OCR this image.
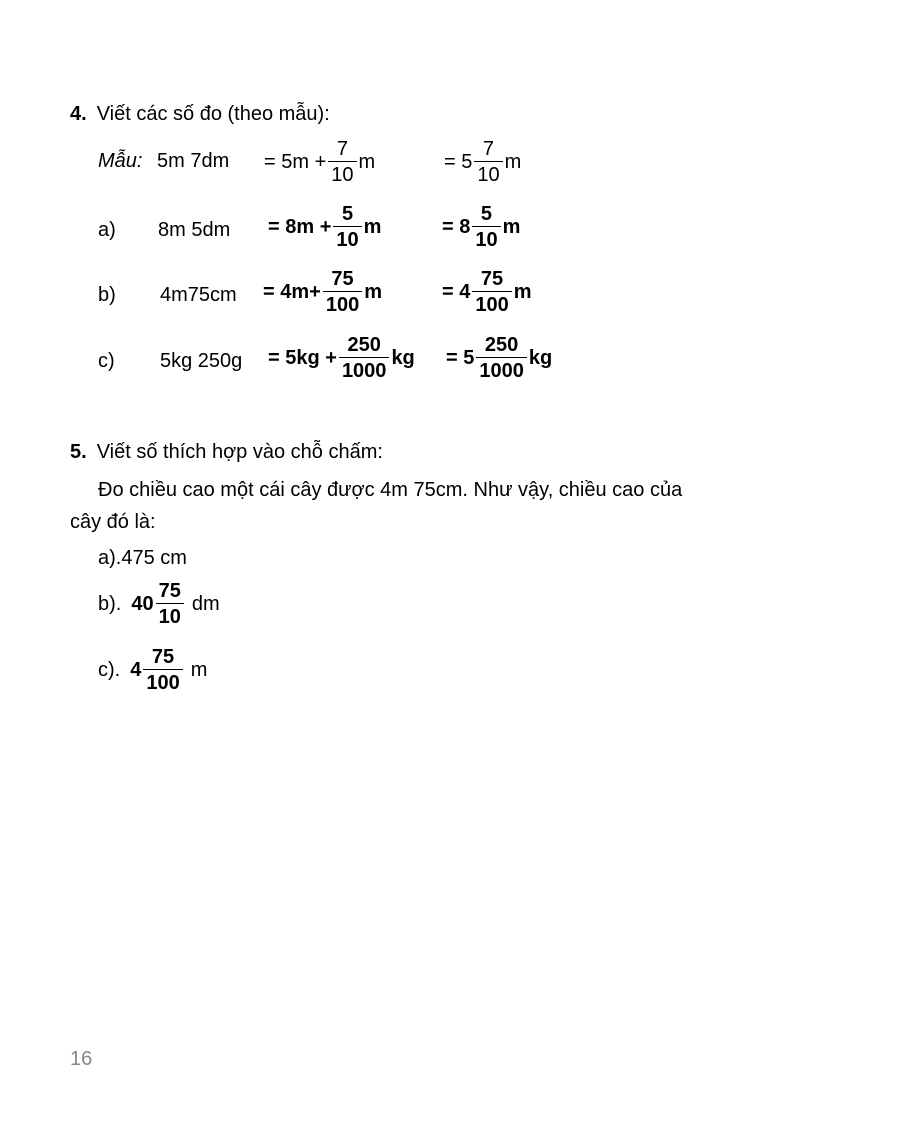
4. Viết các số đo (theo mẫu):
Mẫu: 5m $7dm = 5m + \frac{7}{10}$ m	= $5 \frac{7}{10}$ m
a) 8m $5dm = 8m + \frac{5}{10}$ m	= $8 \frac{5}{10}$ m
b) $4m75cm = 4m+ \frac{75}{100}$ m	= $4 \frac{75}{100}$ m
c) 5kg $250g = 5kg + \frac{250}{1000}$ kg = $5 \frac{250}{1000}$ kg
5. Viết số thích hợp vào chỗ chấm:
Đo chiều cao một cái cây được 4m 75cm. Như vậy, chiều cao của
cây đó là:
a).475 cm
b). $40 \frac{75}{10}$ dm
c). $4 \frac{75}{100}$ m
16
